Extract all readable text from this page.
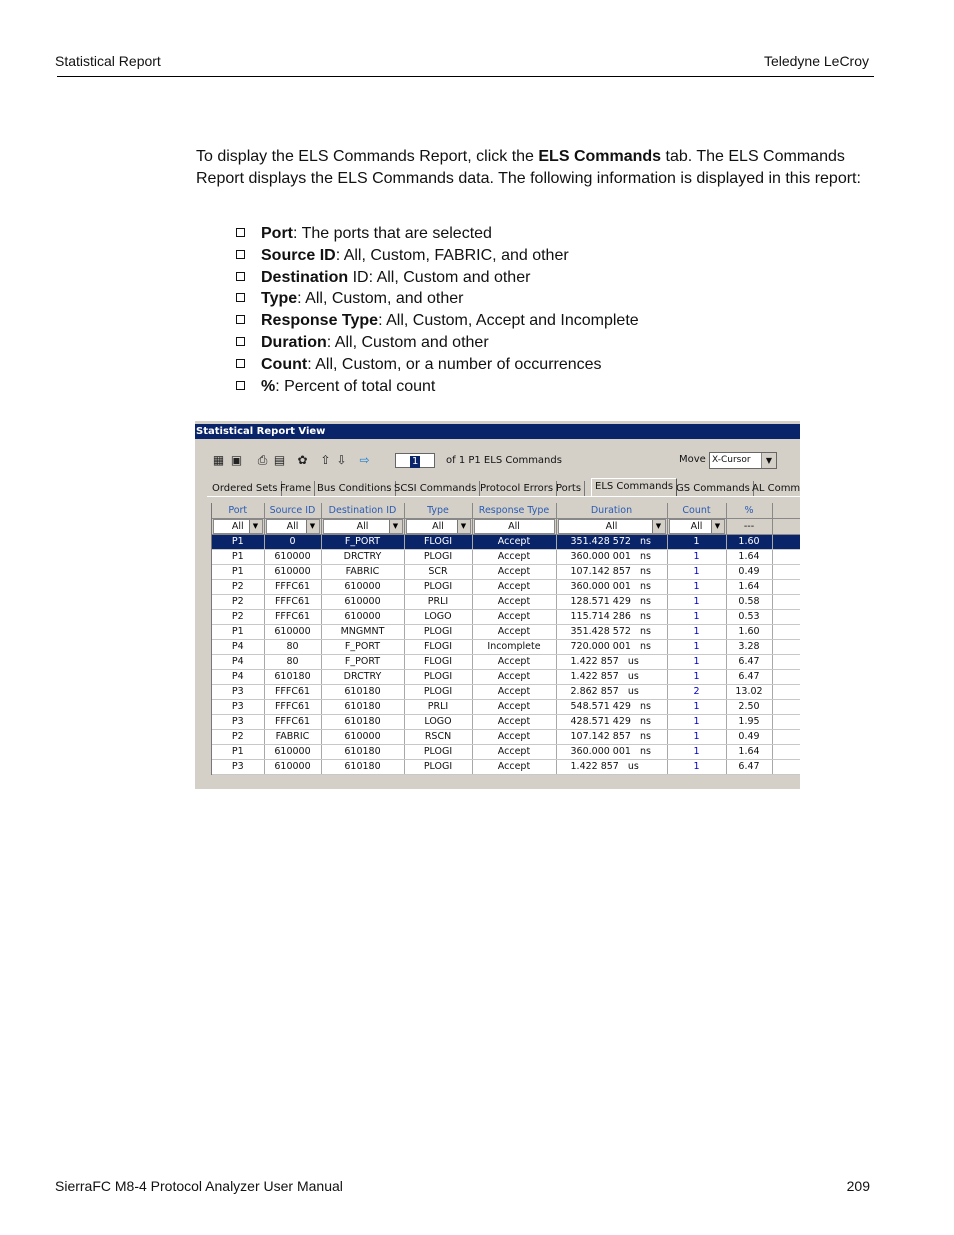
Statistical Report	Teledyne LeCroy
To display the ELS Commands Report, click the ELS Commands tab. The ELS Commands Report displays the ELS Commands data. The following information is displayed in this report:
Port: The ports that are selected
Source ID: All, Custom, FABRIC, and other
Destination ID: All, Custom and other
Type: All, Custom, and other
Response Type: All, Custom, Accept and Incomplete
Duration: All, Custom and other
Count: All, Custom, or a number of occurrences
%: Percent of total count
Statistical Report View
▦ ▣ ⎙ ▤ ✿ ⇧ ⇩ ⇨	1	of 1 P1 ELS Commands	Move X-Cursor	▼
Ordered Sets Frame Bus Conditions SCSI Commands Protocol Errors Ports	ELS Commands GS Commands AL Comm
Port	Source ID	Destination ID	Type	Response Type	Duration	Count	%	

All ▼	All ▼	All ▼	All ▼	All	All ▼	All ▼	---	
P1	0	F_PORT	FLOGI	Accept	351.428 572   ns	1	1.60	
P1	610000	DRCTRY	PLOGI	Accept	360.000 001   ns	1	1.64	
P1	610000	FABRIC	SCR	Accept	107.142 857   ns	1	0.49	
P2	FFFC61	610000	PLOGI	Accept	360.000 001   ns	1	1.64	
P2	FFFC61	610000	PRLI	Accept	128.571 429   ns	1	0.58	
P2	FFFC61	610000	LOGO	Accept	115.714 286   ns	1	0.53	
P1	610000	MNGMNT	PLOGI	Accept	351.428 572   ns	1	1.60	
P4	80	F_PORT	FLOGI	Incomplete	720.000 001   ns	1	3.28	
P4	80	F_PORT	FLOGI	Accept	1.422 857   us	1	6.47	
P4	610180	DRCTRY	PLOGI	Accept	1.422 857   us	1	6.47	
P3	FFFC61	610180	PLOGI	Accept	2.862 857   us	2	13.02	
P3	FFFC61	610180	PRLI	Accept	548.571 429   ns	1	2.50	
P3	FFFC61	610180	LOGO	Accept	428.571 429   ns	1	1.95	
P2	FABRIC	610000	RSCN	Accept	107.142 857   ns	1	0.49	
P1	610000	610180	PLOGI	Accept	360.000 001   ns	1	1.64	
P3	610000	610180	PLOGI	Accept	1.422 857   us	1	6.47	
SierraFC M8-4 Protocol Analyzer User Manual	209
